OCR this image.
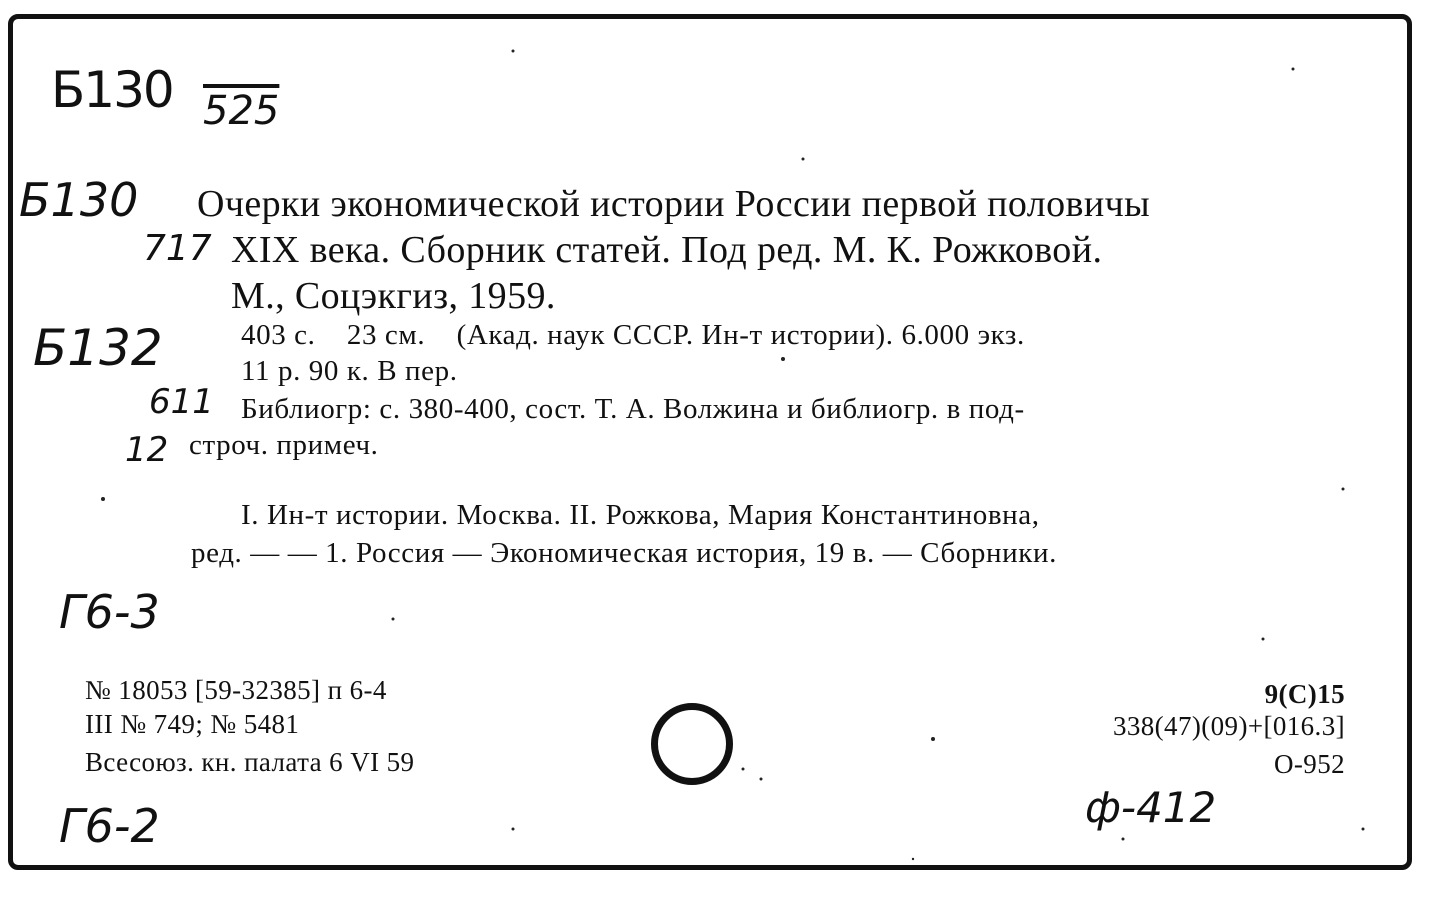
Б130 525
Б130
717
Б132
611
12

Очерки экономической истории России первой половичы

XIX века. Сборник статей. Под ред. М. К. Рожковой.

М., Соцэкгиз, 1959.

403 с.    23 см.    (Акад. наук СССР. Ин-т истории). 6.000 экз.

11 р. 90 к. В пер.

Библиогр: с. 380-400, сост. Т. А. Волжина и библиогр. в под-

строч. примеч.

I. Ин-т истории. Москва. II. Рожкова, Мария Константиновна,

ред. — — 1. Россия — Экономическая история, 19 в. — Сборники.

Г6-3

№ 18053 [59-32385] п 6-4

III № 749; № 5481

Всесоюз. кн. палата 6 VI 59

9(С)15

338(47)(09)+[016.3]

О-952

ф-412
Г6-2
